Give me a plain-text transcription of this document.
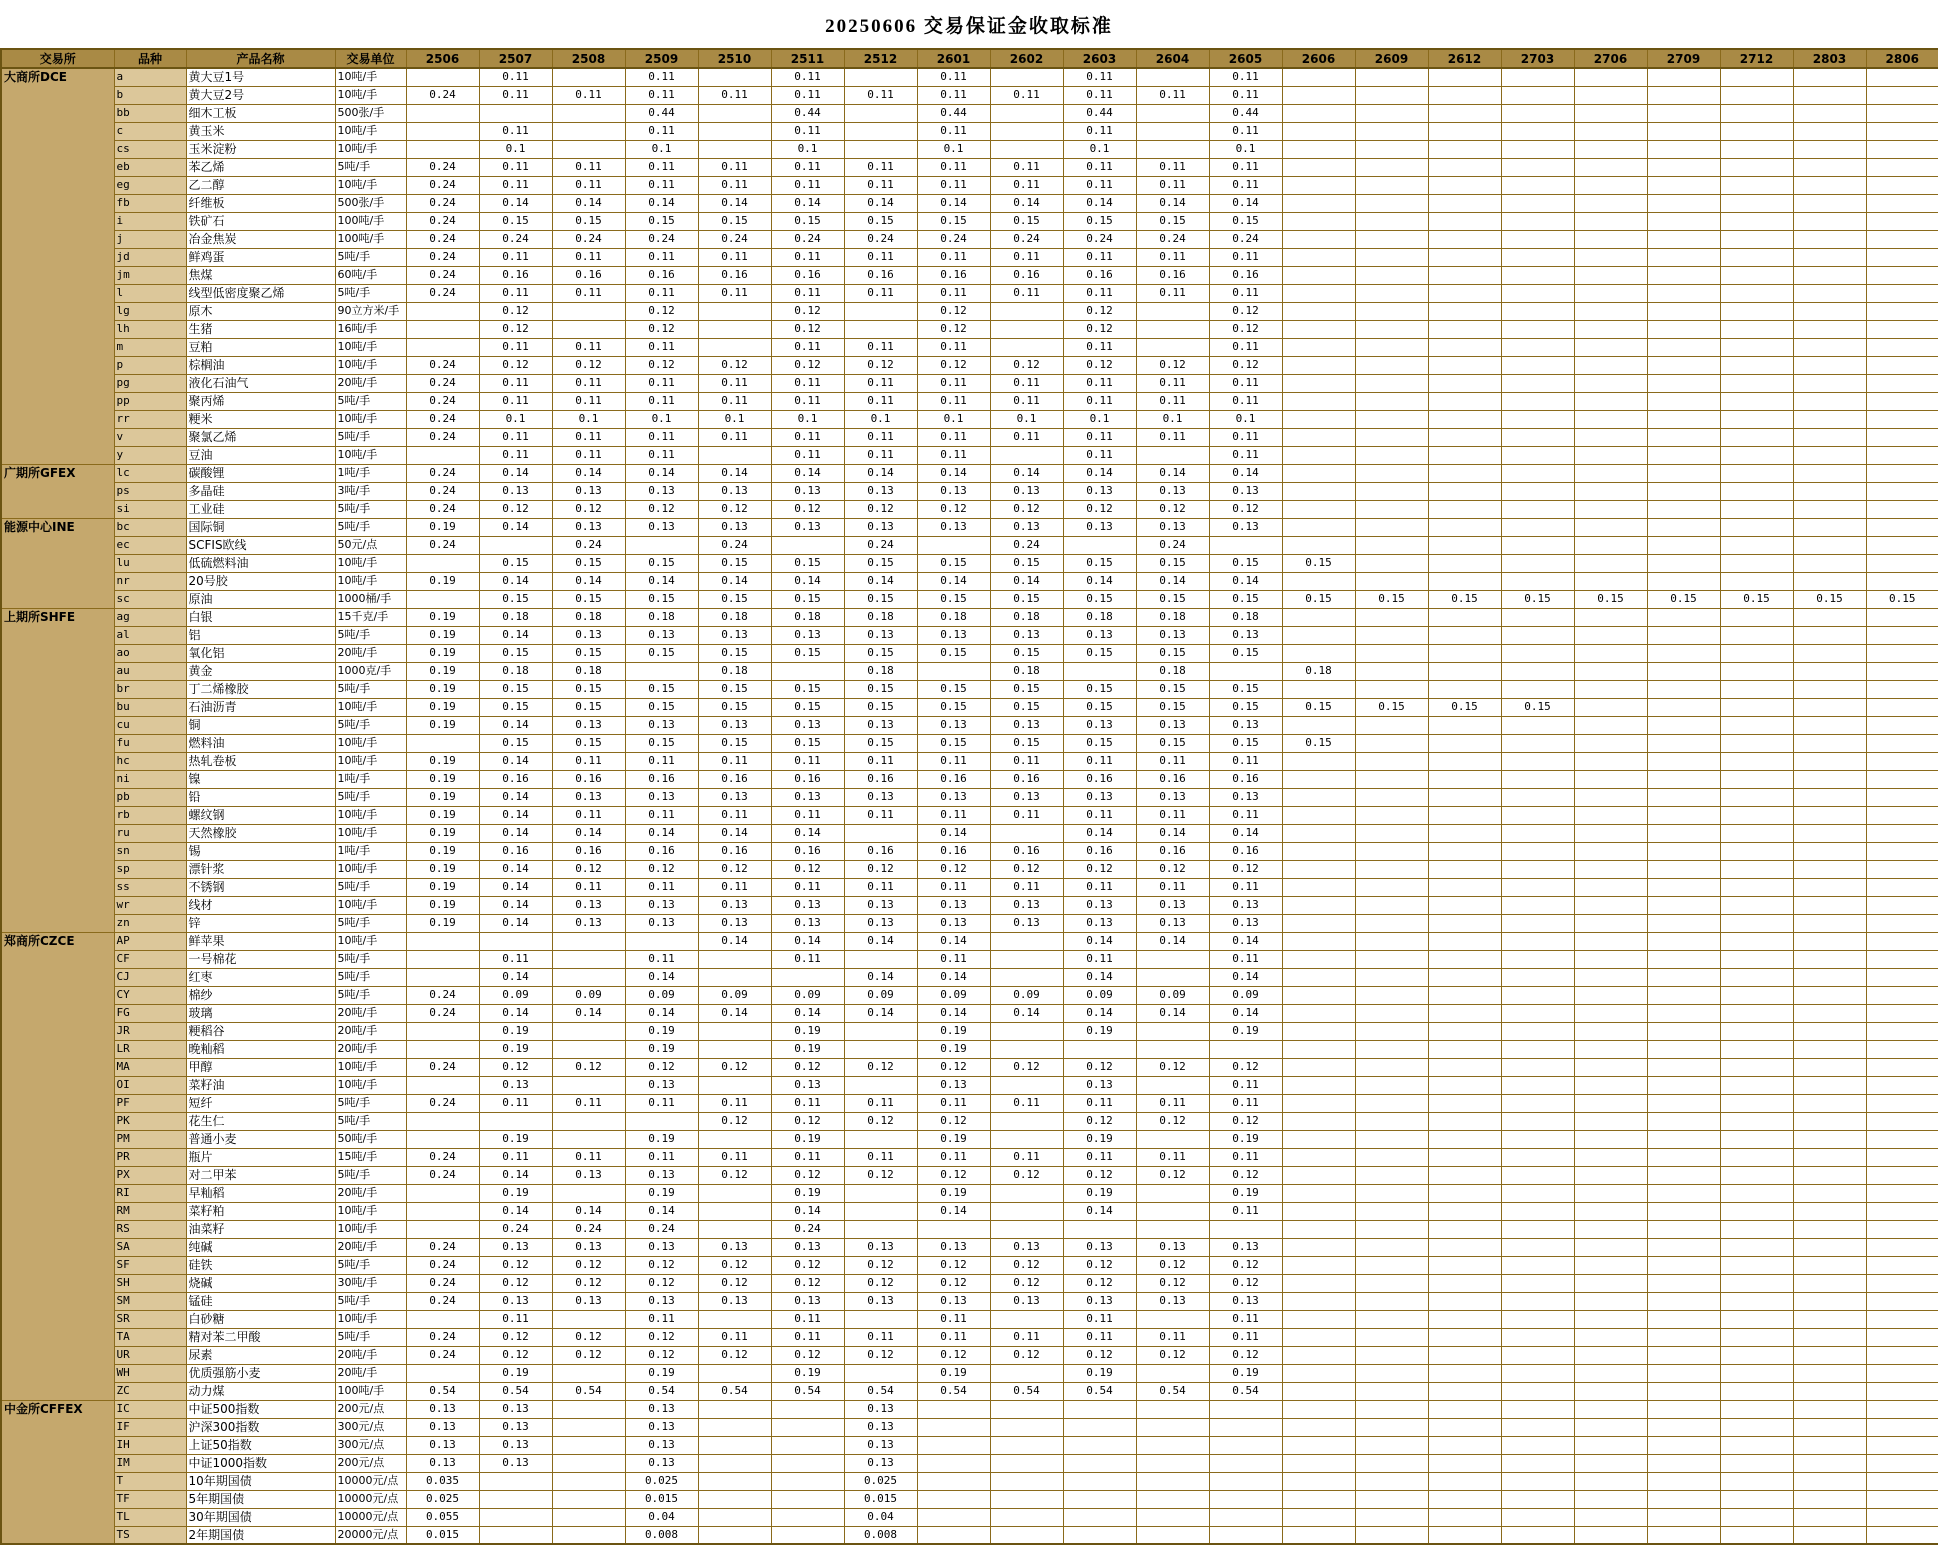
20250606 交易保证金收取标准
交易所	品种	产品名称	交易单位	2506	2507	2508	2509	2510	2511	2512	2601	2602	2603	2604	2605	2606	2609	2612	2703	2706	2709	2712	2803	2806
大商所DCE	a	黄大豆1号	10吨/手		0.11		0.11		0.11		0.11		0.11		0.11									
	b	黄大豆2号	10吨/手	0.24	0.11	0.11	0.11	0.11	0.11	0.11	0.11	0.11	0.11	0.11	0.11									
	bb	细木工板	500张/手				0.44		0.44		0.44		0.44		0.44									
	c	黄玉米	10吨/手		0.11		0.11		0.11		0.11		0.11		0.11									
	cs	玉米淀粉	10吨/手		0.1		0.1		0.1		0.1		0.1		0.1									
	eb	苯乙烯	5吨/手	0.24	0.11	0.11	0.11	0.11	0.11	0.11	0.11	0.11	0.11	0.11	0.11									
	eg	乙二醇	10吨/手	0.24	0.11	0.11	0.11	0.11	0.11	0.11	0.11	0.11	0.11	0.11	0.11									
	fb	纤维板	500张/手	0.24	0.14	0.14	0.14	0.14	0.14	0.14	0.14	0.14	0.14	0.14	0.14									
	i	铁矿石	100吨/手	0.24	0.15	0.15	0.15	0.15	0.15	0.15	0.15	0.15	0.15	0.15	0.15									
	j	冶金焦炭	100吨/手	0.24	0.24	0.24	0.24	0.24	0.24	0.24	0.24	0.24	0.24	0.24	0.24									
	jd	鲜鸡蛋	5吨/手	0.24	0.11	0.11	0.11	0.11	0.11	0.11	0.11	0.11	0.11	0.11	0.11									
	jm	焦煤	60吨/手	0.24	0.16	0.16	0.16	0.16	0.16	0.16	0.16	0.16	0.16	0.16	0.16									
	l	线型低密度聚乙烯	5吨/手	0.24	0.11	0.11	0.11	0.11	0.11	0.11	0.11	0.11	0.11	0.11	0.11									
	lg	原木	90立方米/手		0.12		0.12		0.12		0.12		0.12		0.12									
	lh	生猪	16吨/手		0.12		0.12		0.12		0.12		0.12		0.12									
	m	豆粕	10吨/手		0.11	0.11	0.11		0.11	0.11	0.11		0.11		0.11									
	p	棕榈油	10吨/手	0.24	0.12	0.12	0.12	0.12	0.12	0.12	0.12	0.12	0.12	0.12	0.12									
	pg	液化石油气	20吨/手	0.24	0.11	0.11	0.11	0.11	0.11	0.11	0.11	0.11	0.11	0.11	0.11									
	pp	聚丙烯	5吨/手	0.24	0.11	0.11	0.11	0.11	0.11	0.11	0.11	0.11	0.11	0.11	0.11									
	rr	粳米	10吨/手	0.24	0.1	0.1	0.1	0.1	0.1	0.1	0.1	0.1	0.1	0.1	0.1									
	v	聚氯乙烯	5吨/手	0.24	0.11	0.11	0.11	0.11	0.11	0.11	0.11	0.11	0.11	0.11	0.11									
	y	豆油	10吨/手		0.11	0.11	0.11		0.11	0.11	0.11		0.11		0.11									
广期所GFEX	lc	碳酸锂	1吨/手	0.24	0.14	0.14	0.14	0.14	0.14	0.14	0.14	0.14	0.14	0.14	0.14									
	ps	多晶硅	3吨/手	0.24	0.13	0.13	0.13	0.13	0.13	0.13	0.13	0.13	0.13	0.13	0.13									
	si	工业硅	5吨/手	0.24	0.12	0.12	0.12	0.12	0.12	0.12	0.12	0.12	0.12	0.12	0.12									
能源中心INE	bc	国际铜	5吨/手	0.19	0.14	0.13	0.13	0.13	0.13	0.13	0.13	0.13	0.13	0.13	0.13									
	ec	SCFIS欧线	50元/点	0.24		0.24		0.24		0.24		0.24		0.24										
	lu	低硫燃料油	10吨/手		0.15	0.15	0.15	0.15	0.15	0.15	0.15	0.15	0.15	0.15	0.15	0.15								
	nr	20号胶	10吨/手	0.19	0.14	0.14	0.14	0.14	0.14	0.14	0.14	0.14	0.14	0.14	0.14									
	sc	原油	1000桶/手		0.15	0.15	0.15	0.15	0.15	0.15	0.15	0.15	0.15	0.15	0.15	0.15	0.15	0.15	0.15	0.15	0.15	0.15	0.15	0.15
上期所SHFE	ag	白银	15千克/手	0.19	0.18	0.18	0.18	0.18	0.18	0.18	0.18	0.18	0.18	0.18	0.18									
	al	铝	5吨/手	0.19	0.14	0.13	0.13	0.13	0.13	0.13	0.13	0.13	0.13	0.13	0.13									
	ao	氧化铝	20吨/手	0.19	0.15	0.15	0.15	0.15	0.15	0.15	0.15	0.15	0.15	0.15	0.15									
	au	黄金	1000克/手	0.19	0.18	0.18		0.18		0.18		0.18		0.18		0.18								
	br	丁二烯橡胶	5吨/手	0.19	0.15	0.15	0.15	0.15	0.15	0.15	0.15	0.15	0.15	0.15	0.15									
	bu	石油沥青	10吨/手	0.19	0.15	0.15	0.15	0.15	0.15	0.15	0.15	0.15	0.15	0.15	0.15	0.15	0.15	0.15	0.15					
	cu	铜	5吨/手	0.19	0.14	0.13	0.13	0.13	0.13	0.13	0.13	0.13	0.13	0.13	0.13									
	fu	燃料油	10吨/手		0.15	0.15	0.15	0.15	0.15	0.15	0.15	0.15	0.15	0.15	0.15	0.15								
	hc	热轧卷板	10吨/手	0.19	0.14	0.11	0.11	0.11	0.11	0.11	0.11	0.11	0.11	0.11	0.11									
	ni	镍	1吨/手	0.19	0.16	0.16	0.16	0.16	0.16	0.16	0.16	0.16	0.16	0.16	0.16									
	pb	铅	5吨/手	0.19	0.14	0.13	0.13	0.13	0.13	0.13	0.13	0.13	0.13	0.13	0.13									
	rb	螺纹钢	10吨/手	0.19	0.14	0.11	0.11	0.11	0.11	0.11	0.11	0.11	0.11	0.11	0.11									
	ru	天然橡胶	10吨/手	0.19	0.14	0.14	0.14	0.14	0.14		0.14		0.14	0.14	0.14									
	sn	锡	1吨/手	0.19	0.16	0.16	0.16	0.16	0.16	0.16	0.16	0.16	0.16	0.16	0.16									
	sp	漂针浆	10吨/手	0.19	0.14	0.12	0.12	0.12	0.12	0.12	0.12	0.12	0.12	0.12	0.12									
	ss	不锈钢	5吨/手	0.19	0.14	0.11	0.11	0.11	0.11	0.11	0.11	0.11	0.11	0.11	0.11									
	wr	线材	10吨/手	0.19	0.14	0.13	0.13	0.13	0.13	0.13	0.13	0.13	0.13	0.13	0.13									
	zn	锌	5吨/手	0.19	0.14	0.13	0.13	0.13	0.13	0.13	0.13	0.13	0.13	0.13	0.13									
郑商所CZCE	AP	鲜苹果	10吨/手					0.14	0.14	0.14	0.14		0.14	0.14	0.14									
	CF	一号棉花	5吨/手		0.11		0.11		0.11		0.11		0.11		0.11									
	CJ	红枣	5吨/手		0.14		0.14			0.14	0.14		0.14		0.14									
	CY	棉纱	5吨/手	0.24	0.09	0.09	0.09	0.09	0.09	0.09	0.09	0.09	0.09	0.09	0.09									
	FG	玻璃	20吨/手	0.24	0.14	0.14	0.14	0.14	0.14	0.14	0.14	0.14	0.14	0.14	0.14									
	JR	粳稻谷	20吨/手		0.19		0.19		0.19		0.19		0.19		0.19									
	LR	晚籼稻	20吨/手		0.19		0.19		0.19		0.19													
	MA	甲醇	10吨/手	0.24	0.12	0.12	0.12	0.12	0.12	0.12	0.12	0.12	0.12	0.12	0.12									
	OI	菜籽油	10吨/手		0.13		0.13		0.13		0.13		0.13		0.11									
	PF	短纤	5吨/手	0.24	0.11	0.11	0.11	0.11	0.11	0.11	0.11	0.11	0.11	0.11	0.11									
	PK	花生仁	5吨/手					0.12	0.12	0.12	0.12		0.12	0.12	0.12									
	PM	普通小麦	50吨/手		0.19		0.19		0.19		0.19		0.19		0.19									
	PR	瓶片	15吨/手	0.24	0.11	0.11	0.11	0.11	0.11	0.11	0.11	0.11	0.11	0.11	0.11									
	PX	对二甲苯	5吨/手	0.24	0.14	0.13	0.13	0.12	0.12	0.12	0.12	0.12	0.12	0.12	0.12									
	RI	早籼稻	20吨/手		0.19		0.19		0.19		0.19		0.19		0.19									
	RM	菜籽粕	10吨/手		0.14	0.14	0.14		0.14		0.14		0.14		0.11									
	RS	油菜籽	10吨/手		0.24	0.24	0.24		0.24															
	SA	纯碱	20吨/手	0.24	0.13	0.13	0.13	0.13	0.13	0.13	0.13	0.13	0.13	0.13	0.13									
	SF	硅铁	5吨/手	0.24	0.12	0.12	0.12	0.12	0.12	0.12	0.12	0.12	0.12	0.12	0.12									
	SH	烧碱	30吨/手	0.24	0.12	0.12	0.12	0.12	0.12	0.12	0.12	0.12	0.12	0.12	0.12									
	SM	锰硅	5吨/手	0.24	0.13	0.13	0.13	0.13	0.13	0.13	0.13	0.13	0.13	0.13	0.13									
	SR	白砂糖	10吨/手		0.11		0.11		0.11		0.11		0.11		0.11									
	TA	精对苯二甲酸	5吨/手	0.24	0.12	0.12	0.12	0.11	0.11	0.11	0.11	0.11	0.11	0.11	0.11									
	UR	尿素	20吨/手	0.24	0.12	0.12	0.12	0.12	0.12	0.12	0.12	0.12	0.12	0.12	0.12									
	WH	优质强筋小麦	20吨/手		0.19		0.19		0.19		0.19		0.19		0.19									
	ZC	动力煤	100吨/手	0.54	0.54	0.54	0.54	0.54	0.54	0.54	0.54	0.54	0.54	0.54	0.54									
中金所CFFEX	IC	中证500指数	200元/点	0.13	0.13		0.13			0.13														
	IF	沪深300指数	300元/点	0.13	0.13		0.13			0.13														
	IH	上证50指数	300元/点	0.13	0.13		0.13			0.13														
	IM	中证1000指数	200元/点	0.13	0.13		0.13			0.13														
	T	10年期国债	10000元/点	0.035			0.025			0.025														
	TF	5年期国债	10000元/点	0.025			0.015			0.015														
	TL	30年期国债	10000元/点	0.055			0.04			0.04														
	TS	2年期国债	20000元/点	0.015			0.008			0.008														
